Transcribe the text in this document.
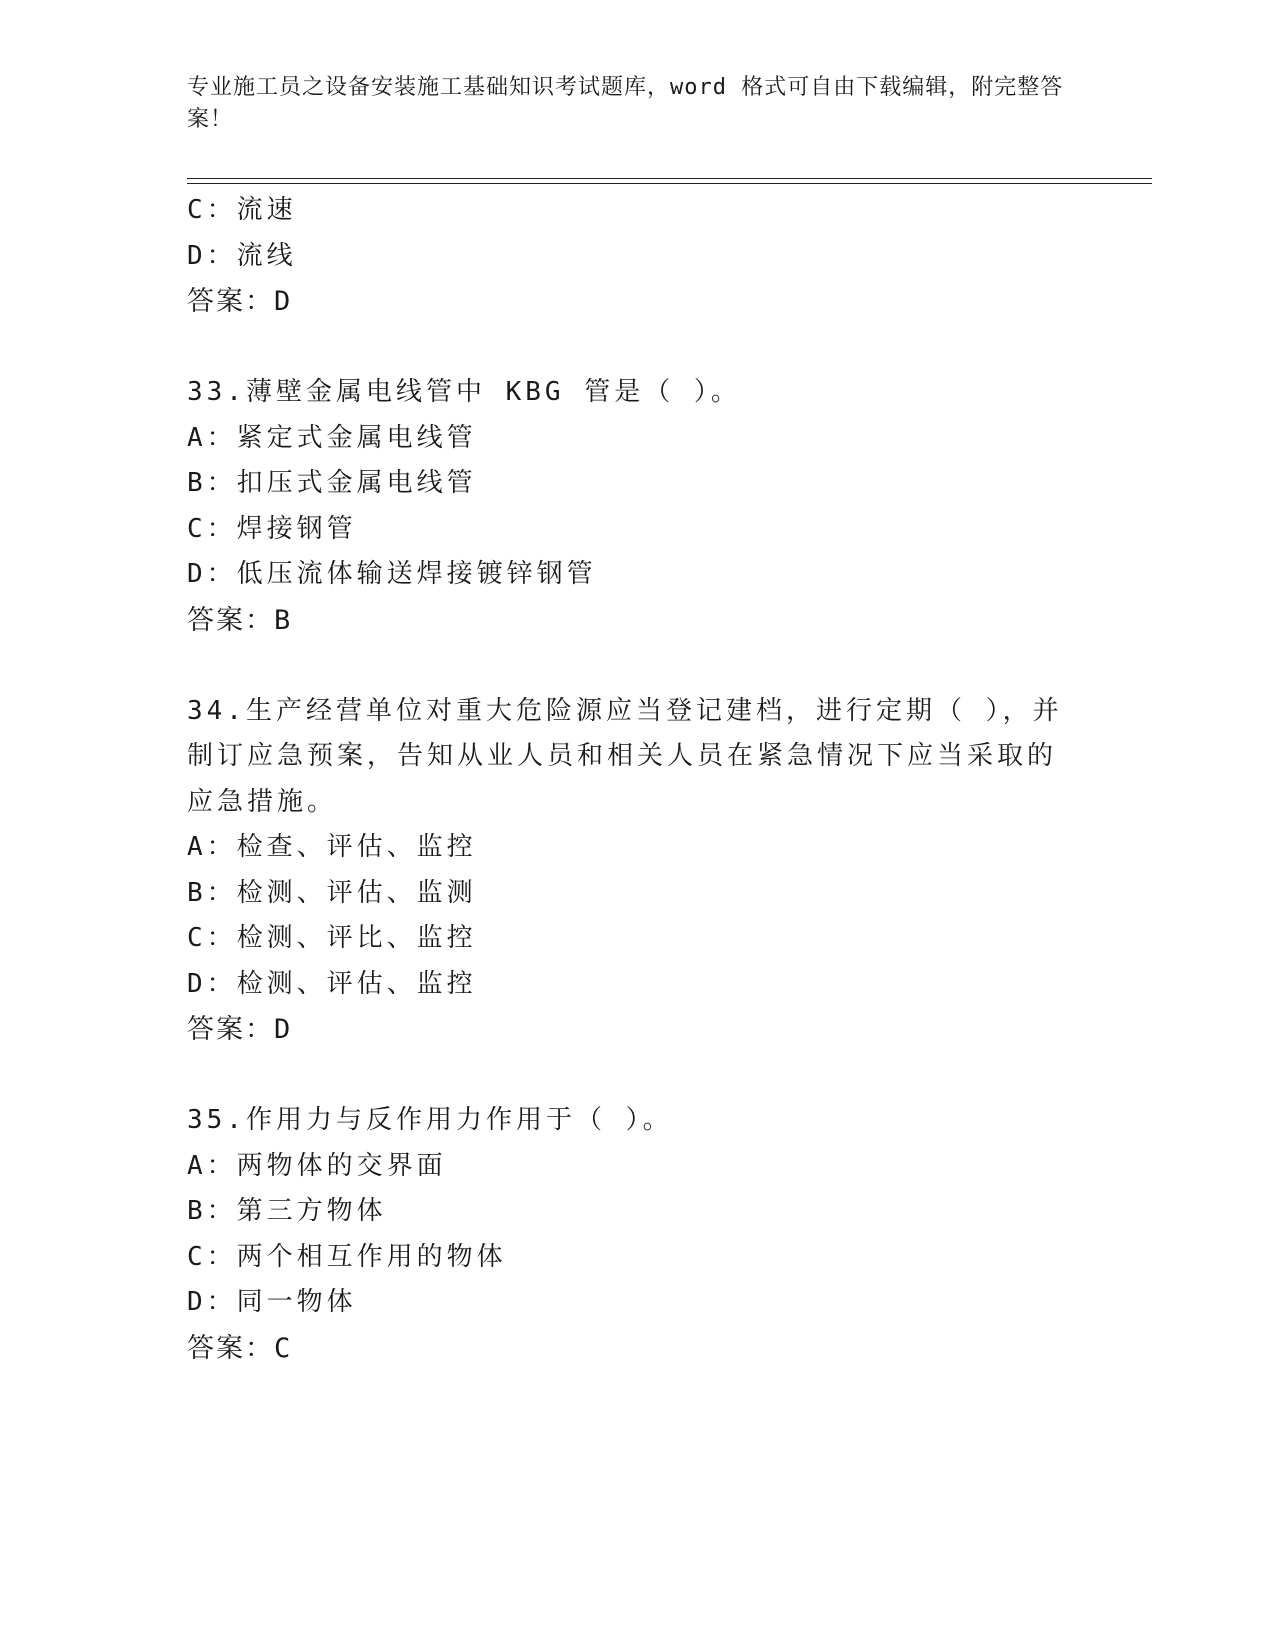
专业施工员之设备安装施工基础知识考试题库，word 格式可自由下载编辑，附完整答案！
C：流速
D：流线
答案：D
33.薄壁金属电线管中 KBG 管是（ ）。
A：紧定式金属电线管
B：扣压式金属电线管
C：焊接钢管
D：低压流体输送焊接镀锌钢管
答案：B
34.生产经营单位对重大危险源应当登记建档，进行定期（ ），并制订应急预案，告知从业人员和相关人员在紧急情况下应当采取的应急措施。
A：检查、评估、监控
B：检测、评估、监测
C：检测、评比、监控
D：检测、评估、监控
答案：D
35.作用力与反作用力作用于（ ）。
A：两物体的交界面
B：第三方物体
C：两个相互作用的物体
D：同一物体
答案：C
